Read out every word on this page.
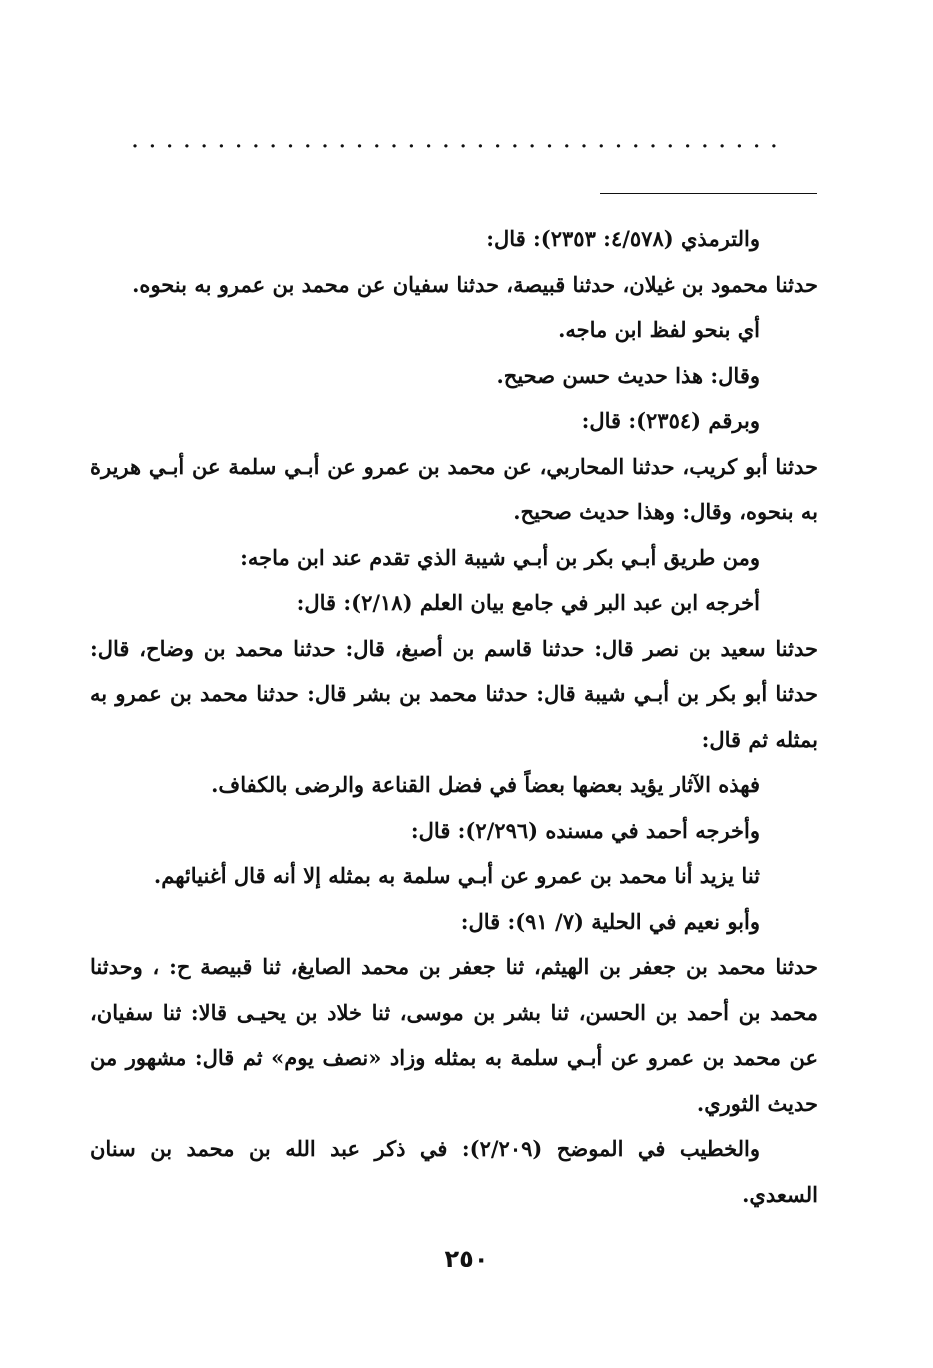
······································

والترمذي (٤/٥٧٨: ٢٣٥٣): قال:

حدثنا محمود بن غيلان، حدثنا قبيصة، حدثنا سفيان عن محمد بن عمرو به بنحوه.

أي بنحو لفظ ابن ماجه.

وقال: هذا حديث حسن صحيح.

وبرقم (٢٣٥٤): قال:

حدثنا أبو كريب، حدثنا المحاربي، عن محمد بن عمرو عن أبـي سلمة عن أبـي هريرة به بنحوه، وقال: وهذا حديث صحيح.

ومن طريق أبـي بكر بن أبـي شيبة الذي تقدم عند ابن ماجه:

أخرجه ابن عبد البر في جامع بيان العلم (٢/١٨): قال:

حدثنا سعيد بن نصر قال: حدثنا قاسم بن أصبغ، قال: حدثنا محمد بن وضاح، قال: حدثنا أبو بكر بن أبـي شيبة قال: حدثنا محمد بن بشر قال: حدثنا محمد بن عمرو به بمثله ثم قال:

فهذه الآثار يؤيد بعضها بعضاً في فضل القناعة والرضى بالكفاف.

وأخرجه أحمد في مسنده (٢/٢٩٦): قال:

ثنا يزيد أنا محمد بن عمرو عن أبـي سلمة به بمثله إلا أنه قال أغنيائهم.

وأبو نعيم في الحلية (٧/ ٩١): قال:

حدثنا محمد بن جعفر بن الهيثم، ثنا جعفر بن محمد الصايغ، ثنا قبيصة ح: ، وحدثنا محمد بن أحمد بن الحسن، ثنا بشر بن موسى، ثنا خلاد بن يحيـى قالا: ثنا سفيان، عن محمد بن عمرو عن أبـي سلمة به بمثله وزاد «نصف يوم» ثم قال: مشهور من حديث الثوري.

والخطيب في الموضح (٢/٢٠٩): في ذكر عبد الله بن محمد بن سنان السعدي.

٢٥٠
